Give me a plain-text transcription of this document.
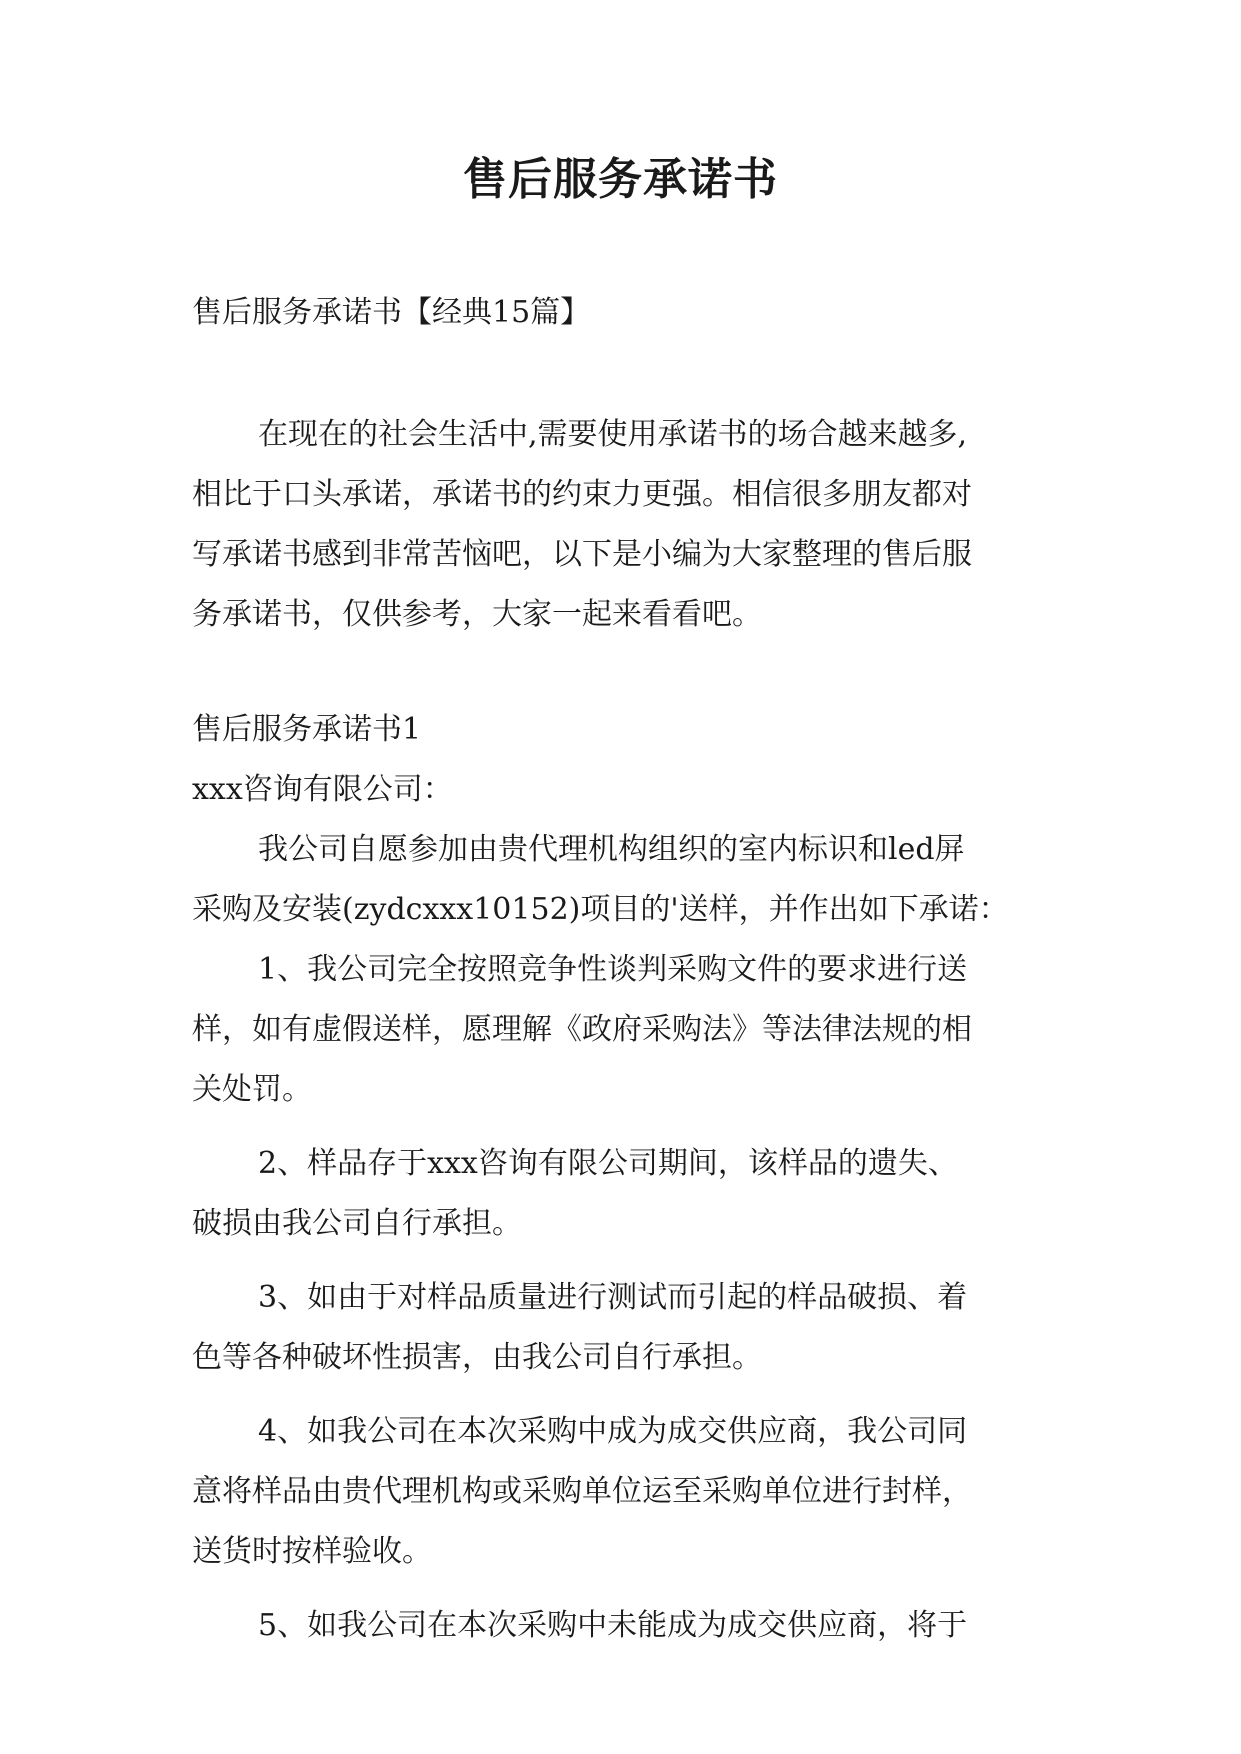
售后服务承诺书
售后服务承诺书【经典15篇】
在现在的社会生活中,需要使用承诺书的场合越来越多,
相比于口头承诺，承诺书的约束力更强。相信很多朋友都对
写承诺书感到非常苦恼吧，以下是小编为大家整理的售后服
务承诺书，仅供参考，大家一起来看看吧。
售后服务承诺书1
xxx咨询有限公司：
我公司自愿参加由贵代理机构组织的室内标识和led屏
采购及安装(zydcxxx10152)项目的'送样，并作出如下承诺：
1、我公司完全按照竞争性谈判采购文件的要求进行送
样，如有虚假送样，愿理解《政府采购法》等法律法规的相
关处罚。
2、样品存于xxx咨询有限公司期间，该样品的遗失、
破损由我公司自行承担。
3、如由于对样品质量进行测试而引起的样品破损、着
色等各种破坏性损害，由我公司自行承担。
4、如我公司在本次采购中成为成交供应商，我公司同
意将样品由贵代理机构或采购单位运至采购单位进行封样，
送货时按样验收。
5、如我公司在本次采购中未能成为成交供应商，将于
